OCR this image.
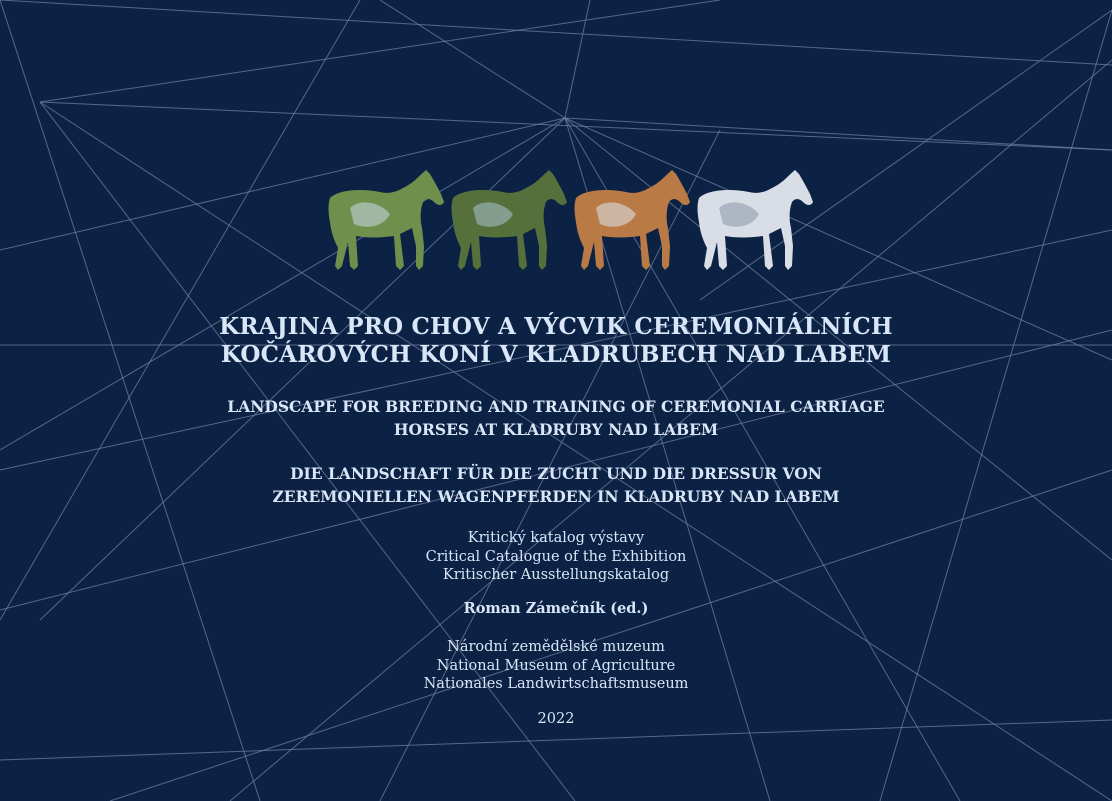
KRAJINA PRO CHOV A VÝCVIK CEREMONIÁLNÍCH
KOČÁROVÝCH KONÍ V KLADRUBECH NAD LABEM
LANDSCAPE FOR BREEDING AND TRAINING OF CEREMONIAL CARRIAGE
HORSES AT KLADRUBY NAD LABEM
DIE LANDSCHAFT FÜR DIE ZUCHT UND DIE DRESSUR VON
ZEREMONIELLEN WAGENPFERDEN IN KLADRUBY NAD LABEM
Kritický katalog výstavy
Critical Catalogue of the Exhibition
Kritischer Ausstellungskatalog
Roman Zámečník (ed.)
Národní zemědělské muzeum
National Museum of Agriculture
Nationales Landwirtschaftsmuseum
2022
